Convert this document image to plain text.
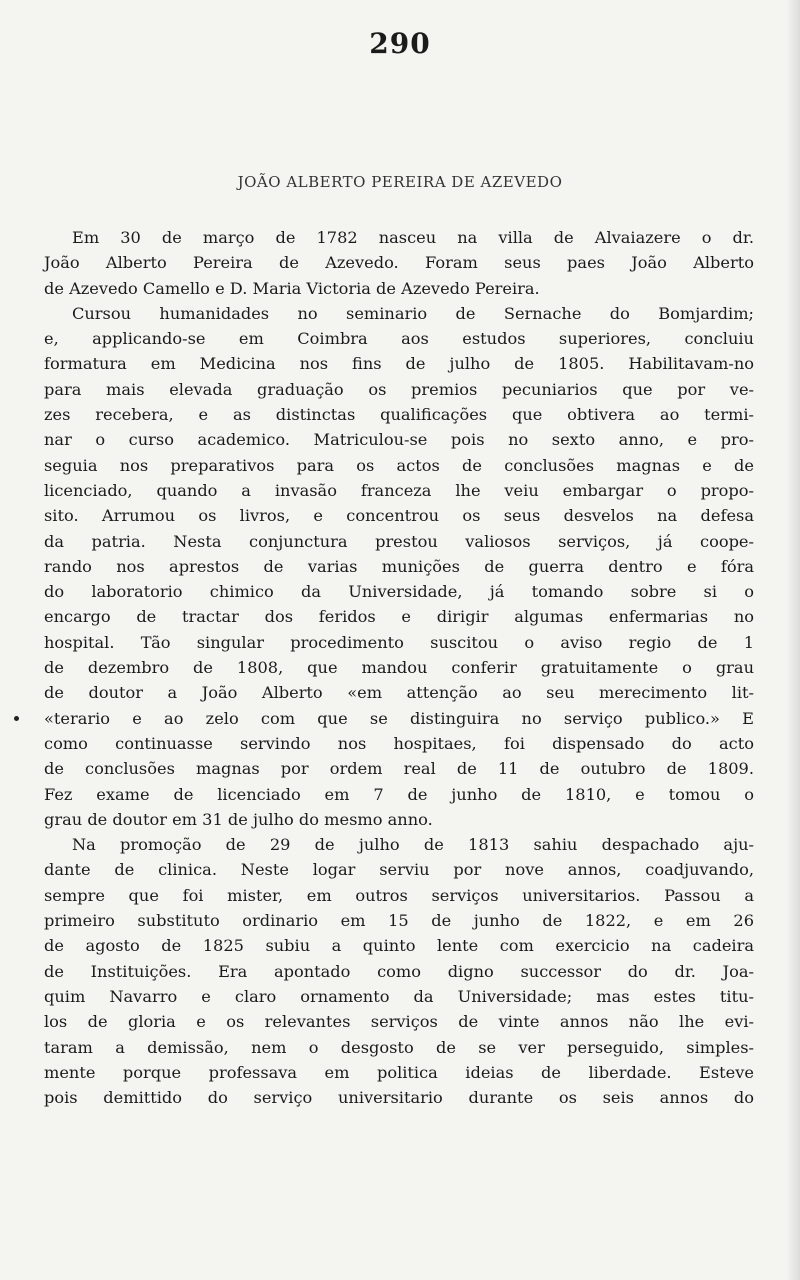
290
JOÃO ALBERTO PEREIRA DE AZEVEDO

Em 30 de março de 1782 nasceu na villa de Alvaiazere o dr.

João Alberto Pereira de Azevedo. Foram seus paes João Alberto

de Azevedo Camello e D. Maria Victoria de Azevedo Pereira.

Cursou humanidades no seminario de Sernache do Bomjardim;

e, applicando-se em Coimbra aos estudos superiores, concluiu

formatura em Medicina nos fins de julho de 1805. Habilitavam-no

para mais elevada graduação os premios pecuniarios que por ve-

zes recebera, e as distinctas qualificações que obtivera ao termi-

nar o curso academico. Matriculou-se pois no sexto anno, e pro-

seguia nos preparativos para os actos de conclusões magnas e de

licenciado, quando a invasão franceza lhe veiu embargar o propo-

sito. Arrumou os livros, e concentrou os seus desvelos na defesa

da patria. Nesta conjunctura prestou valiosos serviços, já coope-

rando nos aprestos de varias munições de guerra dentro e fóra

do laboratorio chimico da Universidade, já tomando sobre si o

encargo de tractar dos feridos e dirigir algumas enfermarias no

hospital. Tão singular procedimento suscitou o aviso regio de 1

de dezembro de 1808, que mandou conferir gratuitamente o grau

de doutor a João Alberto «em attenção ao seu merecimento lit-

«terario e ao zelo com que se distinguira no serviço publico.» E

como continuasse servindo nos hospitaes, foi dispensado do acto

de conclusões magnas por ordem real de 11 de outubro de 1809.

Fez exame de licenciado em 7 de junho de 1810, e tomou o

grau de doutor em 31 de julho do mesmo anno.

Na promoção de 29 de julho de 1813 sahiu despachado aju-

dante de clinica. Neste logar serviu por nove annos, coadjuvando,

sempre que foi mister, em outros serviços universitarios. Passou a

primeiro substituto ordinario em 15 de junho de 1822, e em 26

de agosto de 1825 subiu a quinto lente com exercicio na cadeira

de Instituições. Era apontado como digno successor do dr. Joa-

quim Navarro e claro ornamento da Universidade; mas estes titu-

los de gloria e os relevantes serviços de vinte annos não lhe evi-

taram a demissão, nem o desgosto de se ver perseguido, simples-

mente porque professava em politica ideias de liberdade. Esteve

pois demittido do serviço universitario durante os seis annos do
